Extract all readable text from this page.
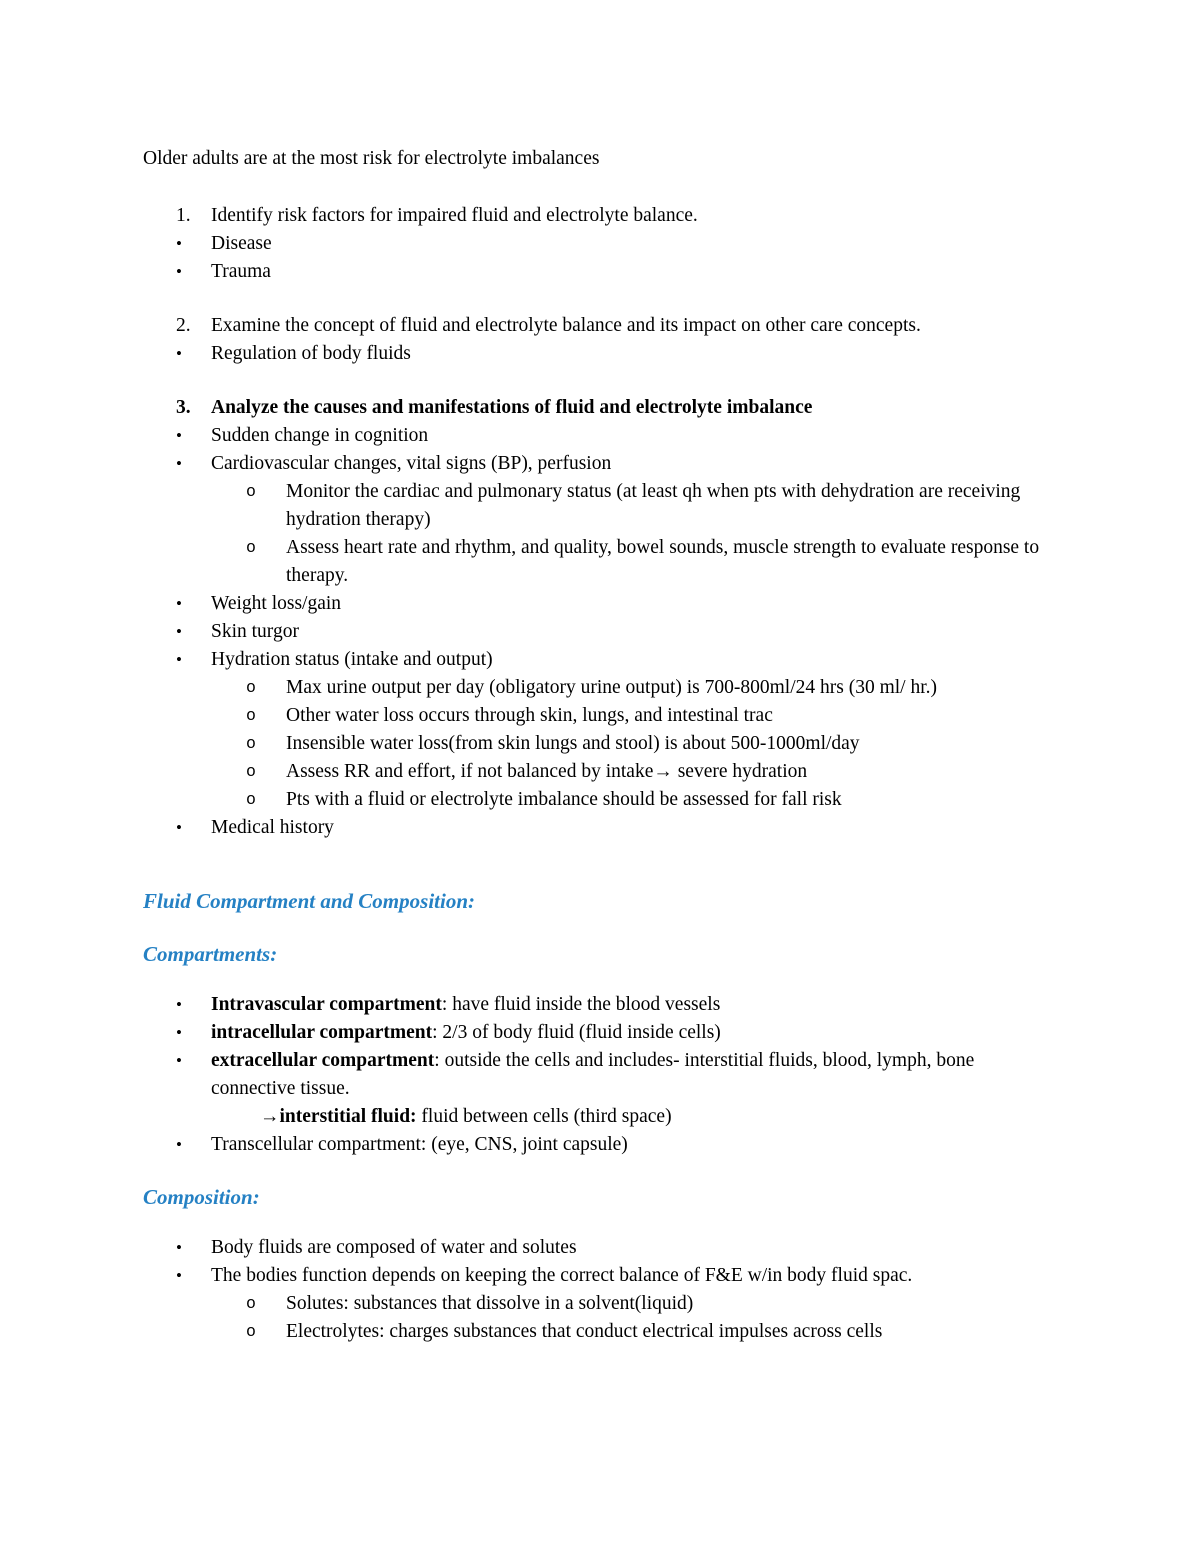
Older adults are at the most risk for electrolyte imbalances
1.	Identify risk factors for impaired fluid and electrolyte balance.
•	Disease
•	Trauma
2.	Examine the concept of fluid and electrolyte balance and its impact on other care concepts.
•	Regulation of body fluids
3.	Analyze the causes and manifestations of fluid and electrolyte imbalance
•	Sudden change in cognition
•	Cardiovascular changes, vital signs (BP), perfusion
o	Monitor the cardiac and pulmonary status (at least qh when pts with dehydration are receiving hydration therapy)
o	Assess heart rate and rhythm, and quality, bowel sounds, muscle strength to evaluate response to therapy.
•	Weight loss/gain
•	Skin turgor
•	Hydration status (intake and output)
o	Max urine output per day (obligatory urine output) is 700-800ml/24 hrs (30 ml/ hr.)
o	Other water loss occurs through skin, lungs, and intestinal trac
o	Insensible water loss(from skin lungs and stool) is about 500-1000ml/day
o	Assess RR and effort, if not balanced by intake→ severe hydration
o	Pts with a fluid or electrolyte imbalance should be assessed for fall risk
•	Medical history
Fluid Compartment and Composition:
Compartments:
•	Intravascular compartment: have fluid inside the blood vessels
•	intracellular compartment: 2/3 of body fluid (fluid inside cells)
•	extracellular compartment: outside the cells and includes- interstitial fluids, blood, lymph, bone connective tissue.
→interstitial fluid: fluid between cells (third space)
•	Transcellular compartment: (eye, CNS, joint capsule)
Composition:
•	Body fluids are composed of water and solutes
•	The bodies function depends on keeping the correct balance of F&E w/in body fluid spac.
o	Solutes: substances that dissolve in a solvent(liquid)
o	Electrolytes: charges substances that conduct electrical impulses across cells
